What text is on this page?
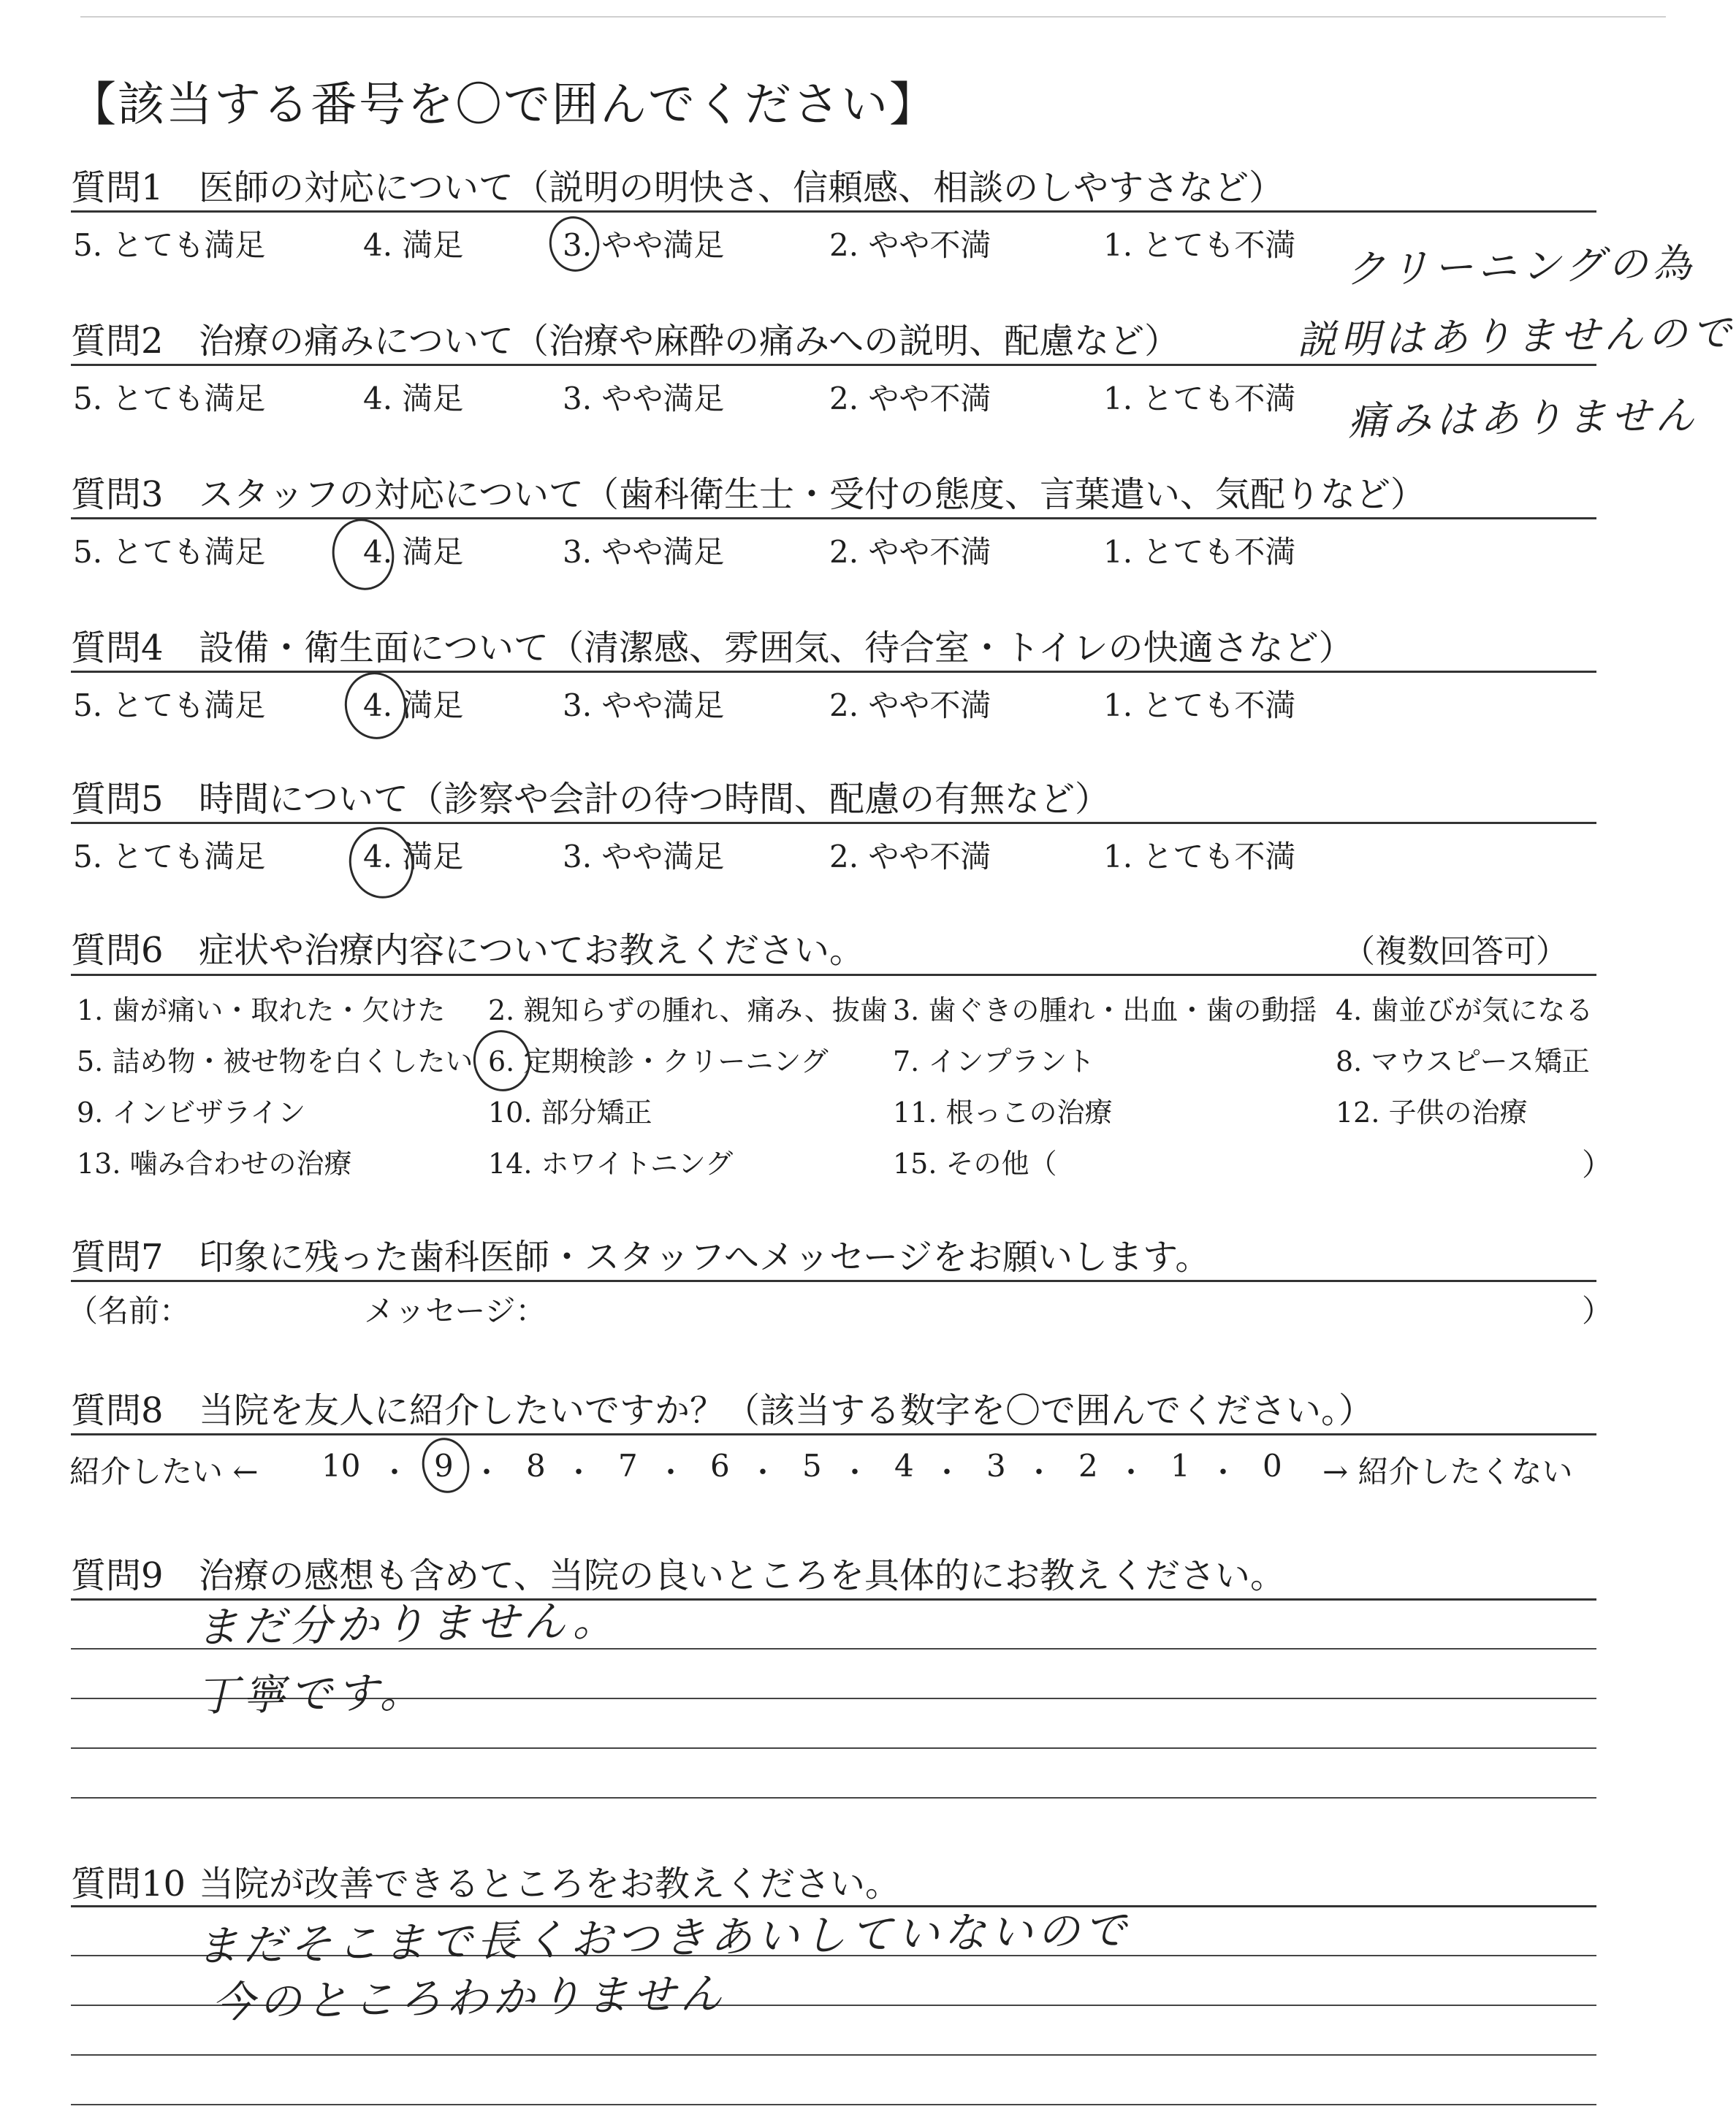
【該当する番号を〇で囲んでください】
質問1 医師の対応について（説明の明快さ、信頼感、相談のしやすさなど）
5. とても満足	4. 満足	3. やや満足	2. やや不満	1. とても不満
質問2 治療の痛みについて（治療や麻酔の痛みへの説明、配慮など）
5. とても満足	4. 満足	3. やや満足	2. やや不満	1. とても不満
クリーニングの為
説明はありませんので
痛みはありません
質問3 スタッフの対応について（歯科衛生士・受付の態度、言葉遣い、気配りなど）
5. とても満足	4. 満足	3. やや満足	2. やや不満	1. とても不満
質問4 設備・衛生面について（清潔感、雰囲気、待合室・トイレの快適さなど）
5. とても満足	4. 満足	3. やや満足	2. やや不満	1. とても不満
質問5 時間について（診察や会計の待つ時間、配慮の有無など）
5. とても満足	4. 満足	3. やや満足	2. やや不満	1. とても不満
質問6 症状や治療内容についてお教えください。	（複数回答可）
1. 歯が痛い・取れた・欠けた 2. 親知らずの腫れ、痛み、抜歯 3. 歯ぐきの腫れ・出血・歯の動揺 4. 歯並びが気になる
5. 詰め物・被せ物を白くしたい 6. 定期検診・クリーニング 7. インプラント	8. マウスピース矯正
9. インビザライン	10. 部分矯正	11. 根っこの治療	12. 子供の治療
13. 噛み合わせの治療	14. ホワイトニング	15. その他（	）
質問7 印象に残った歯科医師・スタッフへメッセージをお願いします。
（名前：	メッセージ：	）
質問8 当院を友人に紹介したいですか？（該当する数字を〇で囲んでください。）
紹介したい ←	→ 紹介したくない
10 9 8 7 6 5 4 3 2 1 0
・ ・ ・ ・ ・ ・ ・ ・ ・ ・
質問9 治療の感想も含めて、当院の良いところを具体的にお教えください。
まだ分かりません。
丁寧です。
質問10 当院が改善できるところをお教えください。
まだそこまで長くおつきあいしていないので
今のところわかりません
